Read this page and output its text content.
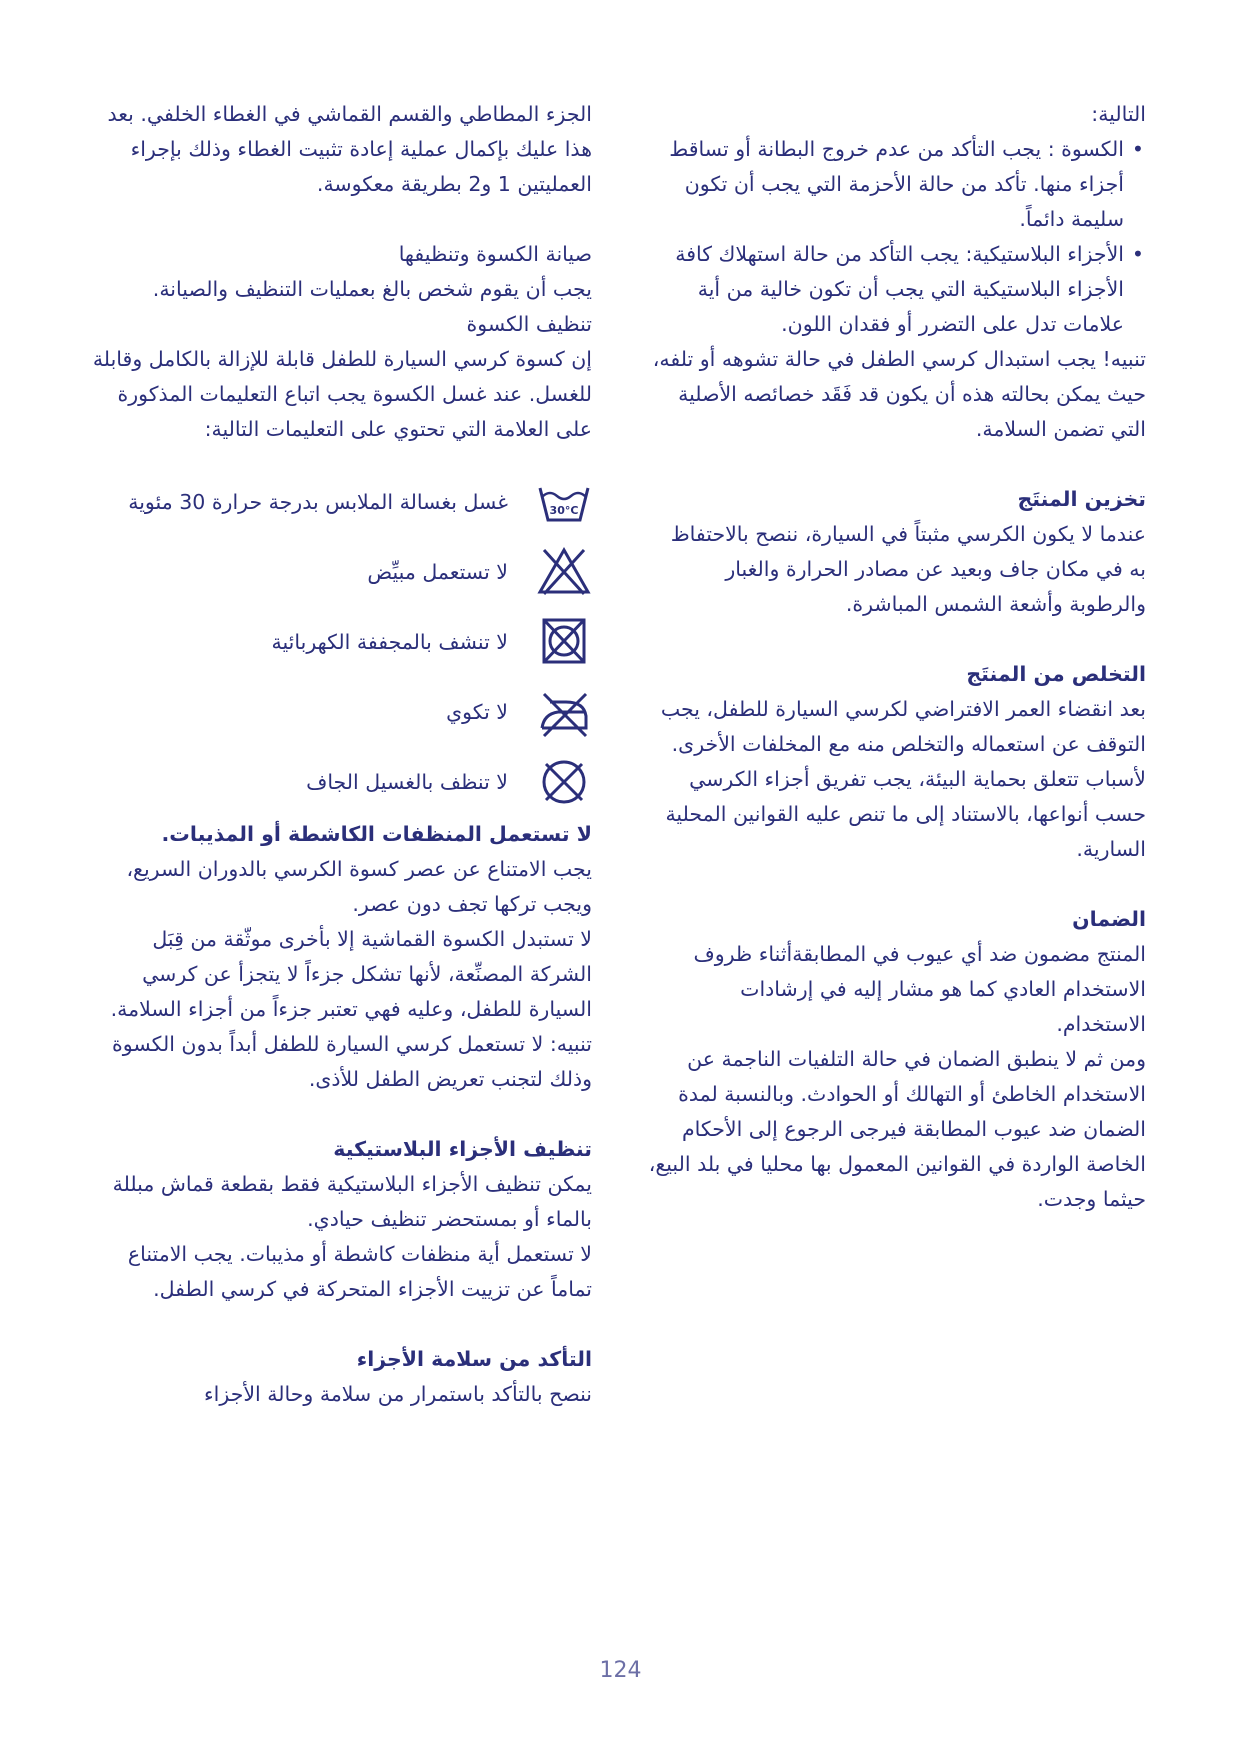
التالية:

• الكسوة : يجب التأكد من عدم خروج البطانة أو تساقط أجزاء منها. تأكد من حالة الأحزمة التي يجب أن تكون سليمة دائماً.
• الأجزاء البلاستيكية: يجب التأكد من حالة استهلاك كافة الأجزاء البلاستيكية التي يجب أن تكون خالية من أية علامات تدل على التضرر أو فقدان اللون.

تنبيه! يجب استبدال كرسي الطفل في حالة تشوهه أو تلفه، حيث يمكن بحالته هذه أن يكون قد فَقَد خصائصه الأصلية التي تضمن السلامة.

تخزين المنتَج

عندما لا يكون الكرسي مثبتاً في السيارة، ننصح بالاحتفاظ به في مكان جاف وبعيد عن مصادر الحرارة والغبار والرطوبة وأشعة الشمس المباشرة.

التخلص من المنتَج

بعد انقضاء العمر الافتراضي لكرسي السيارة للطفل، يجب التوقف عن استعماله والتخلص منه مع المخلفات الأخرى. لأسباب تتعلق بحماية البيئة، يجب تفريق أجزاء الكرسي حسب أنواعها، بالاستناد إلى ما تنص عليه القوانين المحلية السارية.

الضمان

المنتج مضمون ضد أي عيوب في المطابقةأثناء ظروف الاستخدام العادي كما هو مشار إليه في إرشادات الاستخدام.

ومن ثم لا ينطبق الضمان في حالة التلفيات الناجمة عن الاستخدام الخاطئ أو التهالك أو الحوادث. وبالنسبة لمدة الضمان ضد عيوب المطابقة فيرجى الرجوع إلى الأحكام الخاصة الواردة في القوانين المعمول بها محليا في بلد البيع، حيثما وجدت.

الجزء المطاطي والقسم القماشي في الغطاء الخلفي. بعد هذا عليك بإكمال عملية إعادة تثبيت الغطاء وذلك بإجراء العمليتين 1 و2 بطريقة معكوسة.

صيانة الكسوة وتنظيفها

يجب أن يقوم شخص بالغ بعمليات التنظيف والصيانة.

تنظيف الكسوة

إن كسوة كرسي السيارة للطفل قابلة للإزالة بالكامل وقابلة للغسل. عند غسل الكسوة يجب اتباع التعليمات المذكورة على العلامة التي تحتوي على التعليمات التالية:

30°C
غسل بغسالة الملابس بدرجة حرارة 30 مئوية
لا تستعمل مبيِّض
لا تنشف بالمجففة الكهربائية
لا تكوي
لا تنظف بالغسيل الجاف

لا تستعمل المنظفات الكاشطة أو المذيبات.

يجب الامتناع عن عصر كسوة الكرسي بالدوران السريع، ويجب تركها تجف دون عصر.

لا تستبدل الكسوة القماشية إلا بأخرى موثّقة من قِبَل الشركة المصنِّعة، لأنها تشكل جزءاً لا يتجزأ عن كرسي السيارة للطفل، وعليه فهي تعتبر جزءاً من أجزاء السلامة.

تنبيه: لا تستعمل كرسي السيارة للطفل أبداً بدون الكسوة وذلك لتجنب تعريض الطفل للأذى.

تنظيف الأجزاء البلاستيكية

يمكن تنظيف الأجزاء البلاستيكية فقط بقطعة قماش مبللة بالماء أو بمستحضر تنظيف حيادي.

لا تستعمل أية منظفات كاشطة أو مذيبات. يجب الامتناع تماماً عن تزييت الأجزاء المتحركة في كرسي الطفل.

التأكد من سلامة الأجزاء

ننصح بالتأكد باستمرار من سلامة وحالة الأجزاء

124
